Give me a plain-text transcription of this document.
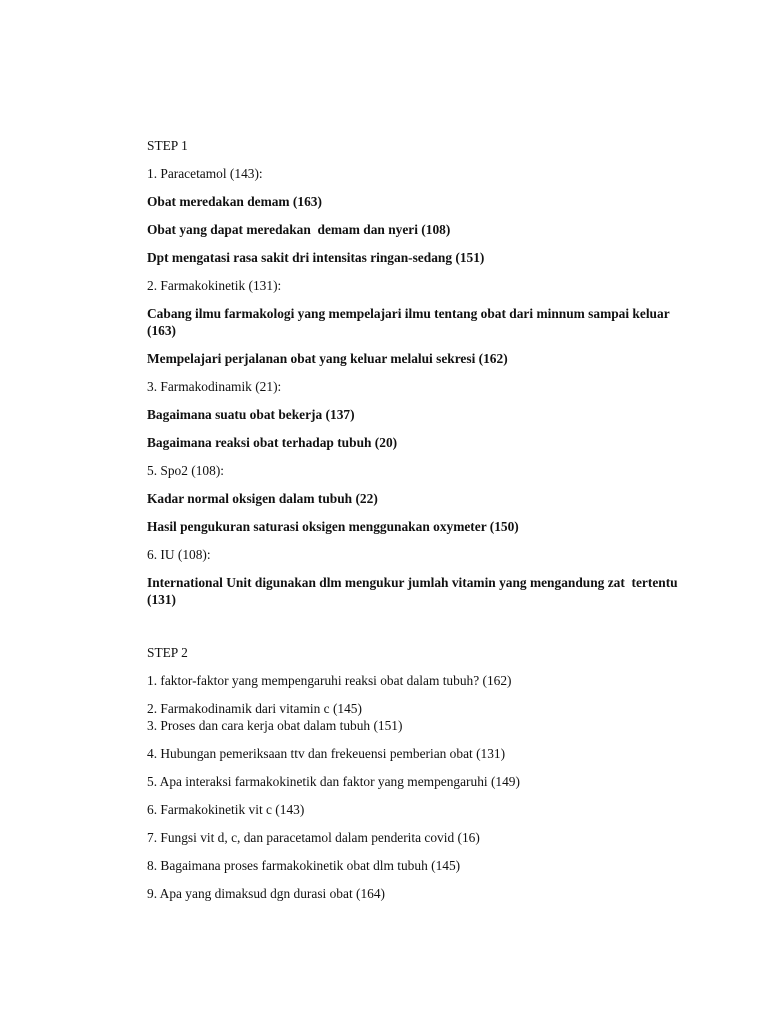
STEP 1
1. Paracetamol (143):
Obat meredakan demam (163)
Obat yang dapat meredakan  demam dan nyeri (108)
Dpt mengatasi rasa sakit dri intensitas ringan-sedang (151)
2. Farmakokinetik (131):
Cabang ilmu farmakologi yang mempelajari ilmu tentang obat dari minnum sampai keluar (163)
Mempelajari perjalanan obat yang keluar melalui sekresi (162)
3. Farmakodinamik (21):
Bagaimana suatu obat bekerja (137)
Bagaimana reaksi obat terhadap tubuh (20)
5. Spo2 (108):
Kadar normal oksigen dalam tubuh (22)
Hasil pengukuran saturasi oksigen menggunakan oxymeter (150)
6. IU (108):
International Unit digunakan dlm mengukur jumlah vitamin yang mengandung zat  tertentu (131)
STEP 2
1. faktor-faktor yang mempengaruhi reaksi obat dalam tubuh? (162)
2. Farmakodinamik dari vitamin c (145)
3. Proses dan cara kerja obat dalam tubuh (151)
4. Hubungan pemeriksaan ttv dan frekeuensi pemberian obat (131)
5. Apa interaksi farmakokinetik dan faktor yang mempengaruhi (149)
6. Farmakokinetik vit c (143)
7. Fungsi vit d, c, dan paracetamol dalam penderita covid (16)
8. Bagaimana proses farmakokinetik obat dlm tubuh (145)
9. Apa yang dimaksud dgn durasi obat (164)
